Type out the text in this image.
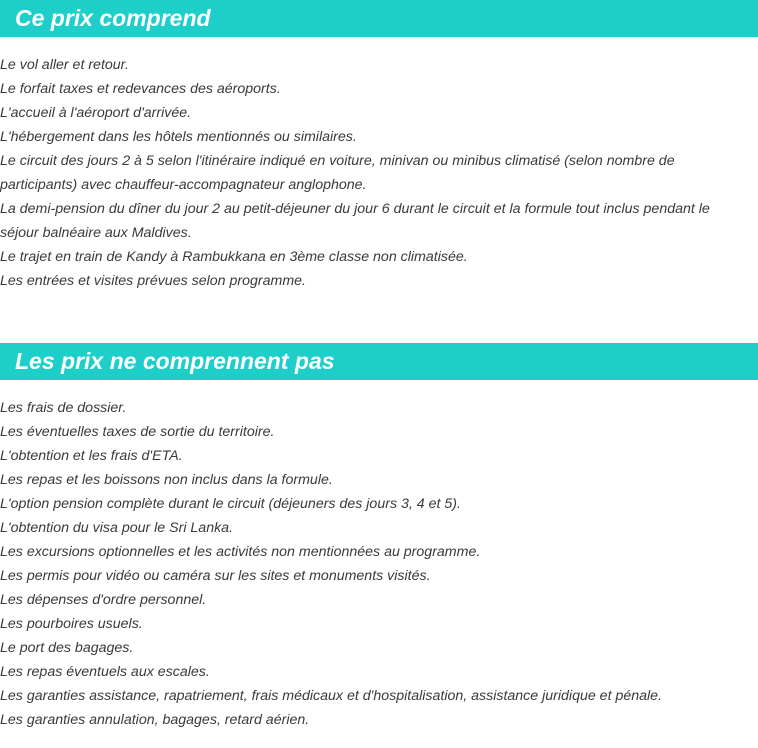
Ce prix comprend
Le vol aller et retour.
Le forfait taxes et redevances des aéroports.
L'accueil à l'aéroport d'arrivée.
L'hébergement dans les hôtels mentionnés ou similaires.
Le circuit des jours 2 à 5 selon l'itinéraire indiqué en voiture, minivan ou minibus climatisé (selon nombre de participants) avec chauffeur-accompagnateur anglophone.
La demi-pension du dîner du jour 2 au petit-déjeuner du jour 6 durant le circuit et la formule tout inclus pendant le séjour balnéaire aux Maldives.
Le trajet en train de Kandy à Rambukkana en 3ème classe non climatisée.
Les entrées et visites prévues selon programme.
Les prix ne comprennent pas
Les frais de dossier.
Les éventuelles taxes de sortie du territoire.
L'obtention et les frais d'ETA.
Les repas et les boissons non inclus dans la formule.
L'option pension complète durant le circuit (déjeuners des jours 3, 4 et 5).
L'obtention du visa pour le Sri Lanka.
Les excursions optionnelles et les activités non mentionnées au programme.
Les permis pour vidéo ou caméra sur les sites et monuments visités.
Les dépenses d'ordre personnel.
Les pourboires usuels.
Le port des bagages.
Les repas éventuels aux escales.
Les garanties assistance, rapatriement, frais médicaux et d'hospitalisation, assistance juridique et pénale.
Les garanties annulation, bagages, retard aérien.
